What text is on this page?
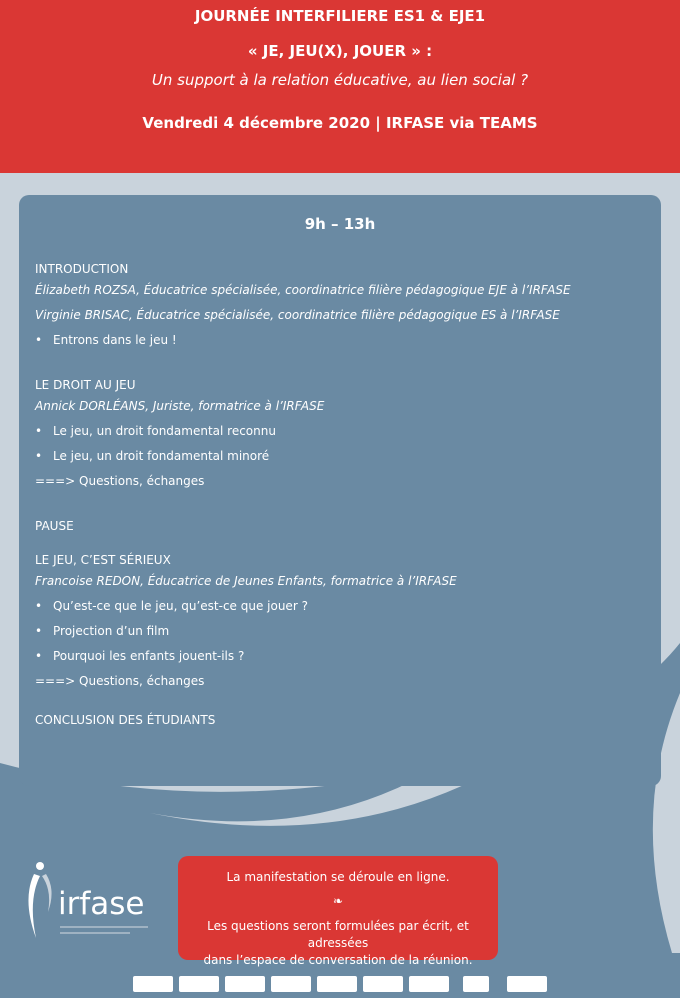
JOURNÉE INTERFILIERE ES1 & EJE1
« JE, JEU(X), JOUER » :
Un support à la relation éducative, au lien social ?
Vendredi 4 décembre 2020 | IRFASE via TEAMS
9h – 13h
INTRODUCTION
Élizabeth ROZSA, Éducatrice spécialisée, coordinatrice filière pédagogique EJE à l’IRFASE
Virginie BRISAC, Éducatrice spécialisée, coordinatrice filière pédagogique ES à l’IRFASE
• Entrons dans le jeu !
LE DROIT AU JEU
Annick DORLÉANS, Juriste, formatrice à l’IRFASE
• Le jeu, un droit fondamental reconnu
• Le jeu, un droit fondamental minoré
===> Questions, échanges
PAUSE
LE JEU, C’EST SÉRIEUX
Francoise REDON, Éducatrice de Jeunes Enfants, formatrice à l’IRFASE
• Qu’est-ce que le jeu, qu’est-ce que jouer ?
• Projection d’un film
• Pourquoi les enfants jouent-ils ?
===> Questions, échanges
CONCLUSION DES ÉTUDIANTS
irfase
La manifestation se déroule en ligne.
❧
Les questions seront formulées par écrit, et adressées
dans l’espace de conversation de la réunion.
